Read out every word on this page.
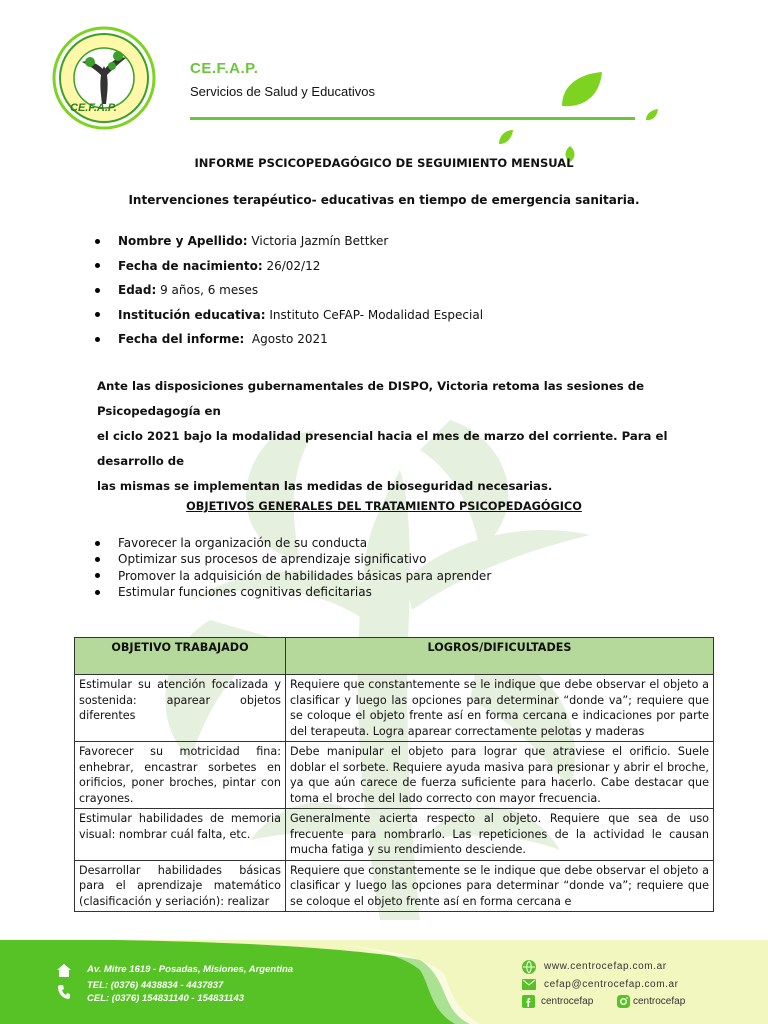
CE.F.A.P.
CE.F.A.P.
Servicios de Salud y Educativos
INFORME PSCICOPEDAGÓGICO DE SEGUIMIENTO MENSUAL
Intervenciones terapéutico- educativas en tiempo de emergencia sanitaria.
Nombre y Apellido: Victoria Jazmín Bettker
Fecha de nacimiento: 26/02/12
Edad: 9 años, 6 meses
Institución educativa: Instituto CeFAP- Modalidad Especial
Fecha del informe: Agosto 2021
Ante las disposiciones gubernamentales de DISPO, Victoria retoma las sesiones de Psicopedagogía en
el ciclo 2021 bajo la modalidad presencial hacia el mes de marzo del corriente. Para el desarrollo de
las mismas se implementan las medidas de bioseguridad necesarias.
OBJETIVOS GENERALES DEL TRATAMIENTO PSICOPEDAGÓGICO
Favorecer la organización de su conducta
Optimizar sus procesos de aprendizaje significativo
Promover la adquisición de habilidades básicas para aprender
Estimular funciones cognitivas deficitarias
OBJETIVO TRABAJADO	LOGROS/DIFICULTADES
Estimular su atención focalizada y sostenida: aparear objetos diferentes	Requiere que constantemente se le indique que debe observar el objeto a clasificar y luego las opciones para determinar “donde va”; requiere que se coloque el objeto frente así en forma cercana e indicaciones por parte del terapeuta. Logra aparear correctamente pelotas y maderas
Favorecer su motricidad fina: enhebrar, encastrar sorbetes en orificios, poner broches, pintar con crayones.	Debe manipular el objeto para lograr que atraviese el orificio. Suele doblar el sorbete. Requiere ayuda masiva para presionar y abrir el broche, ya que aún carece de fuerza suficiente para hacerlo. Cabe destacar que toma el broche del lado correcto con mayor frecuencia.
Estimular habilidades de memoria visual: nombrar cuál falta, etc.	Generalmente acierta respecto al objeto. Requiere que sea de uso frecuente para nombrarlo. Las repeticiones de la actividad le causan mucha fatiga y su rendimiento desciende.
Desarrollar habilidades básicas para el aprendizaje matemático (clasificación y seriación): realizar	Requiere que constantemente se le indique que debe observar el objeto a clasificar y luego las opciones para determinar “donde va”; requiere que se coloque el objeto frente así en forma cercana e
Av. Mitre 1619 - Posadas, Misiones, Argentina
TEL: (0376) 4438834 - 4437837
CEL: (0376) 154831140 - 154831143
www.centrocefap.com.ar
cefap@centrocefap.com.ar
centrocefap	centrocefap
